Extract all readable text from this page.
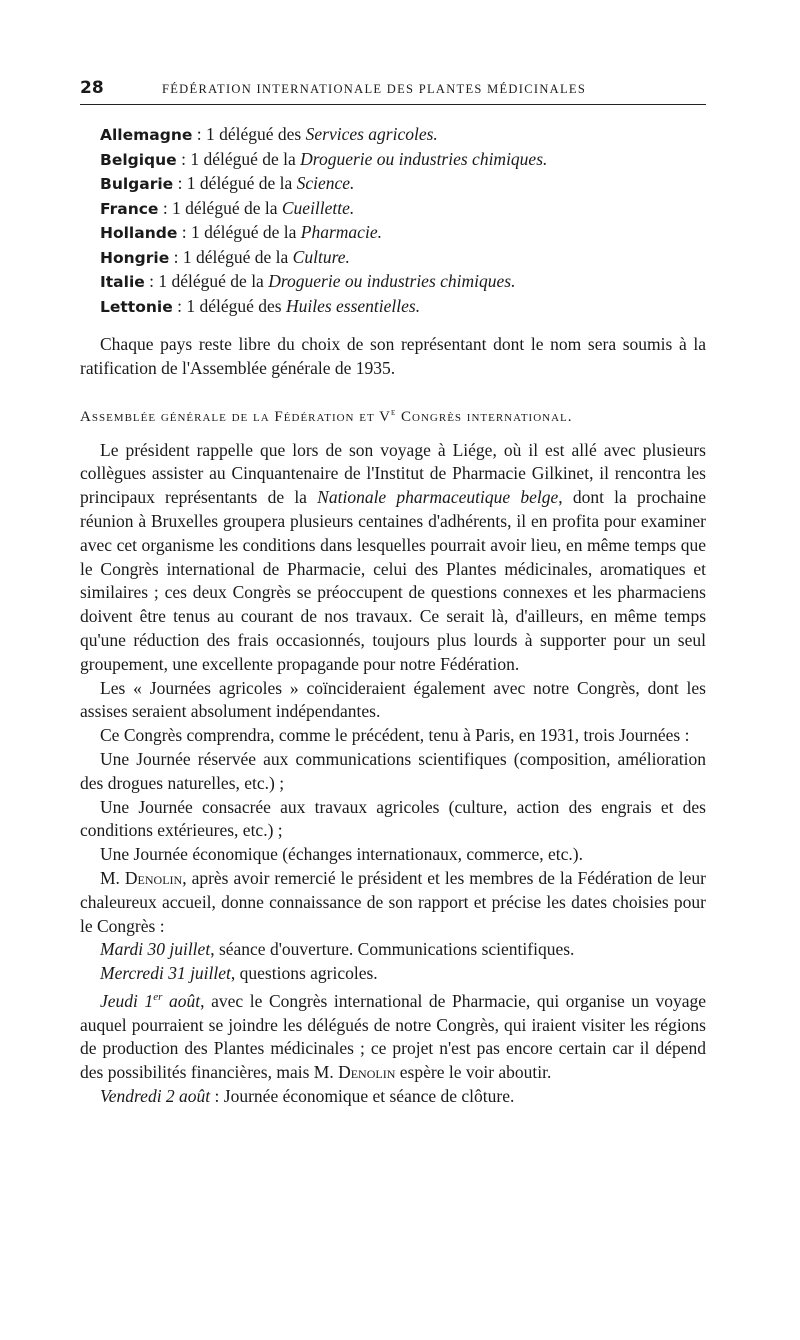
28	FÉDÉRATION INTERNATIONALE DES PLANTES MÉDICINALES
Allemagne : 1 délégué des Services agricoles.
Belgique : 1 délégué de la Droguerie ou industries chimiques.
Bulgarie : 1 délégué de la Science.
France : 1 délégué de la Cueillette.
Hollande : 1 délégué de la Pharmacie.
Hongrie : 1 délégué de la Culture.
Italie : 1 délégué de la Droguerie ou industries chimiques.
Lettonie : 1 délégué des Huiles essentielles.

Chaque pays reste libre du choix de son représentant dont le nom sera soumis à la ratification de l'Assemblée générale de 1935.

Assemblée générale de la Fédération et Ve Congrès international.

Le président rappelle que lors de son voyage à Liége, où il est allé avec plusieurs collègues assister au Cinquantenaire de l'Institut de Pharmacie Gilkinet, il rencontra les principaux représentants de la Nationale pharmaceutique belge, dont la prochaine réunion à Bruxelles groupera plusieurs centaines d'adhérents, il en profita pour examiner avec cet organisme les conditions dans lesquelles pourrait avoir lieu, en même temps que le Congrès international de Pharmacie, celui des Plantes médicinales, aromatiques et similaires ; ces deux Congrès se préoccupent de questions connexes et les pharmaciens doivent être tenus au courant de nos travaux. Ce serait là, d'ailleurs, en même temps qu'une réduction des frais occasionnés, toujours plus lourds à supporter pour un seul groupement, une excellente propagande pour notre Fédération.

Les « Journées agricoles » coïncideraient également avec notre Congrès, dont les assises seraient absolument indépendantes.

Ce Congrès comprendra, comme le précédent, tenu à Paris, en 1931, trois Journées :

Une Journée réservée aux communications scientifiques (composition, amélioration des drogues naturelles, etc.) ;

Une Journée consacrée aux travaux agricoles (culture, action des engrais et des conditions extérieures, etc.) ;

Une Journée économique (échanges internationaux, commerce, etc.).

M. Denolin, après avoir remercié le président et les membres de la Fédération de leur chaleureux accueil, donne connaissance de son rapport et précise les dates choisies pour le Congrès :

Mardi 30 juillet, séance d'ouverture. Communications scientifiques.

Mercredi 31 juillet, questions agricoles.

Jeudi 1er août, avec le Congrès international de Pharmacie, qui organise un voyage auquel pourraient se joindre les délégués de notre Congrès, qui iraient visiter les régions de production des Plantes médicinales ; ce projet n'est pas encore certain car il dépend des possibilités financières, mais M. Denolin espère le voir aboutir.

Vendredi 2 août : Journée économique et séance de clôture.
